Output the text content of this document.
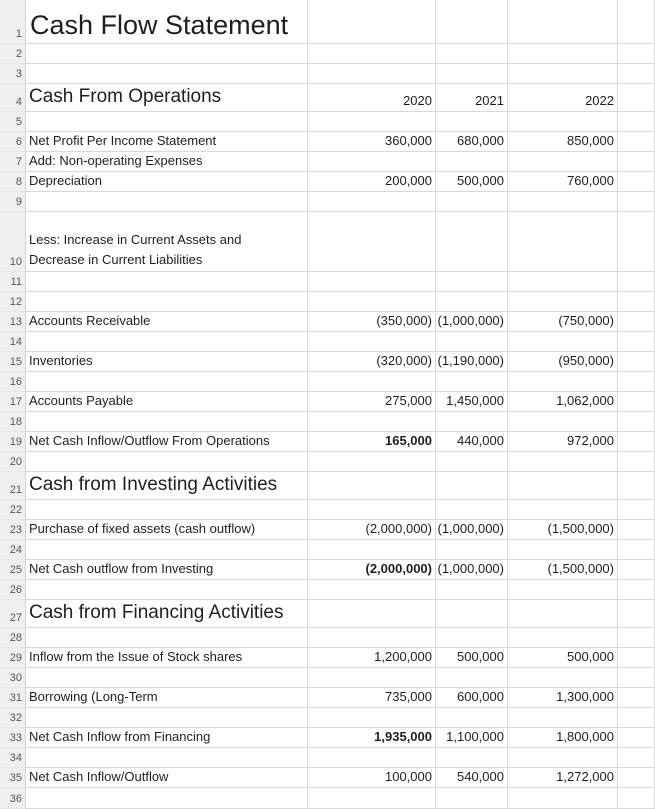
1 Cash Flow Statement
2
3
4 Cash From Operations	2020	2021	2022
5
6 Net Profit Per Income Statement	360,000	680,000	850,000
7 Add: Non-operating Expenses
8 Depreciation	200,000	500,000	760,000
9
10
Less: Increase in Current Assets and
Decrease in Current Liabilities
11
12
13 Accounts Receivable	(350,000) (1,000,000)	(750,000)
14
15 Inventories	(320,000) (1,190,000)	(950,000)
16
17 Accounts Payable	275,000	1,450,000	1,062,000
18
19 Net Cash Inflow/Outflow From Operations	165,000	440,000	972,000
20
21 Cash from Investing Activities
22
23 Purchase of fixed assets (cash outflow)	(2,000,000) (1,000,000)	(1,500,000)
24
25 Net Cash outflow from Investing	(2,000,000) (1,000,000)	(1,500,000)
26
27 Cash from Financing Activities
28
29 Inflow from the Issue of Stock shares	1,200,000	500,000	500,000
30
31 Borrowing (Long-Term	735,000	600,000	1,300,000
32
33 Net Cash Inflow from Financing	1,935,000	1,100,000	1,800,000
34
35 Net Cash Inflow/Outflow	100,000	540,000	1,272,000
36
